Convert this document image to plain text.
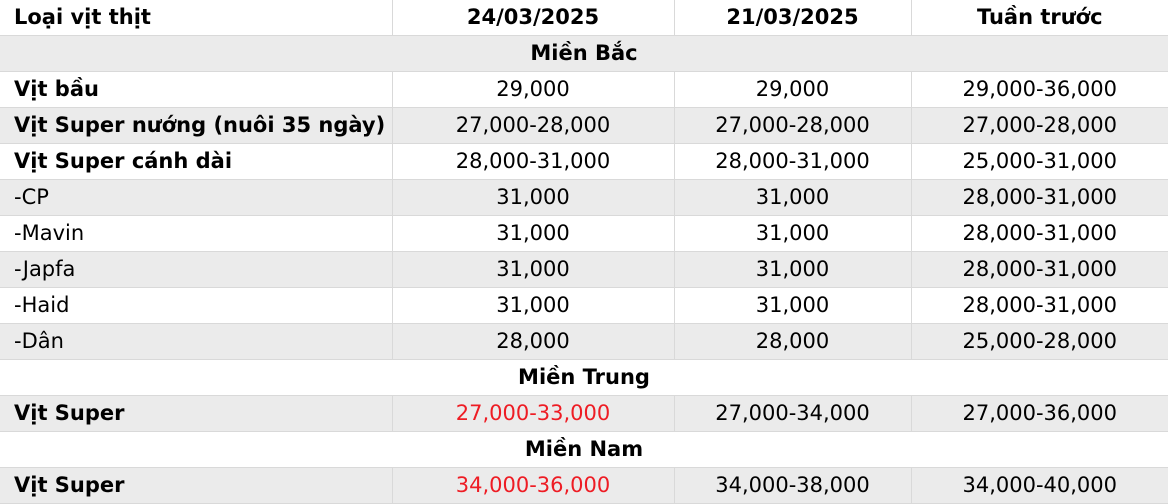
Loại vịt thịt	24/03/2025	21/03/2025	Tuần trước
Miền Bắc			
Vịt bầu	29,000	29,000	29,000-36,000
Vịt Super nướng (nuôi 35 ngày)	27,000-28,000	27,000-28,000	27,000-28,000
Vịt Super cánh dài	28,000-31,000	28,000-31,000	25,000-31,000
-CP	31,000	31,000	28,000-31,000
-Mavin	31,000	31,000	28,000-31,000
-Japfa	31,000	31,000	28,000-31,000
-Haid	31,000	31,000	28,000-31,000
-Dân	28,000	28,000	25,000-28,000
Miền Trung			
Vịt Super	27,000-33,000	27,000-34,000	27,000-36,000
Miền Nam			
Vịt Super	34,000-36,000	34,000-38,000	34,000-40,000
